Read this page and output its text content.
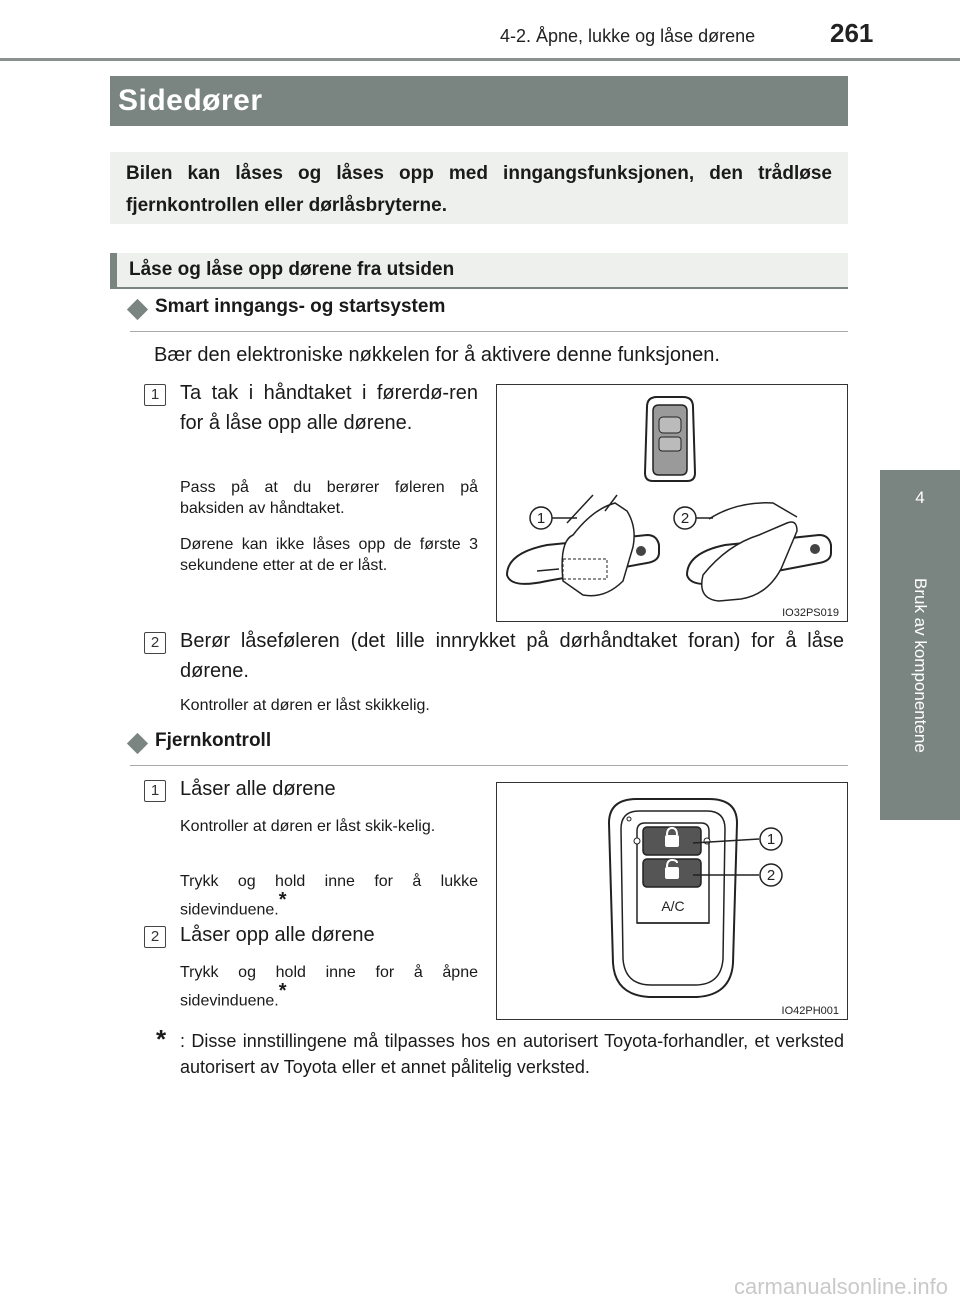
4-2. Åpne, lukke og låse dørene	261
4
Bruk av komponentene
Sidedører

Bilen kan låses og låses opp med inngangsfunksjonen, den trådløse fjernkontrollen eller dørlåsbryterne.

Låse og låse opp dørene fra utsiden
Smart inngangs- og startsystem
Bær den elektroniske nøkkelen for å aktivere denne funksjonen.
1	Ta tak i håndtaket i førerdø-ren for å låse opp alle dørene.
Pass på at du berører føleren på baksiden av håndtaket.
Dørene kan ikke låses opp de første 3 sekundene etter at de er låst.
1	2
IO32PS019
2	Berør låseføleren (det lille innrykket på dørhåndtaket foran) for å låse dørene.
Kontroller at døren er låst skikkelig.
Fjernkontroll
1	Låser alle dørene
Kontroller at døren er låst skik-kelig.
Trykk og hold inne for å lukke sidevinduene.*
2	Låser opp alle dørene
Trykk og hold inne for å åpne sidevinduene.*
A/C
1
2
IO42PH001
* : Disse innstillingene må tilpasses hos en autorisert Toyota-forhandler, et verksted autorisert av Toyota eller et annet pålitelig verksted.
carmanualsonline.info
